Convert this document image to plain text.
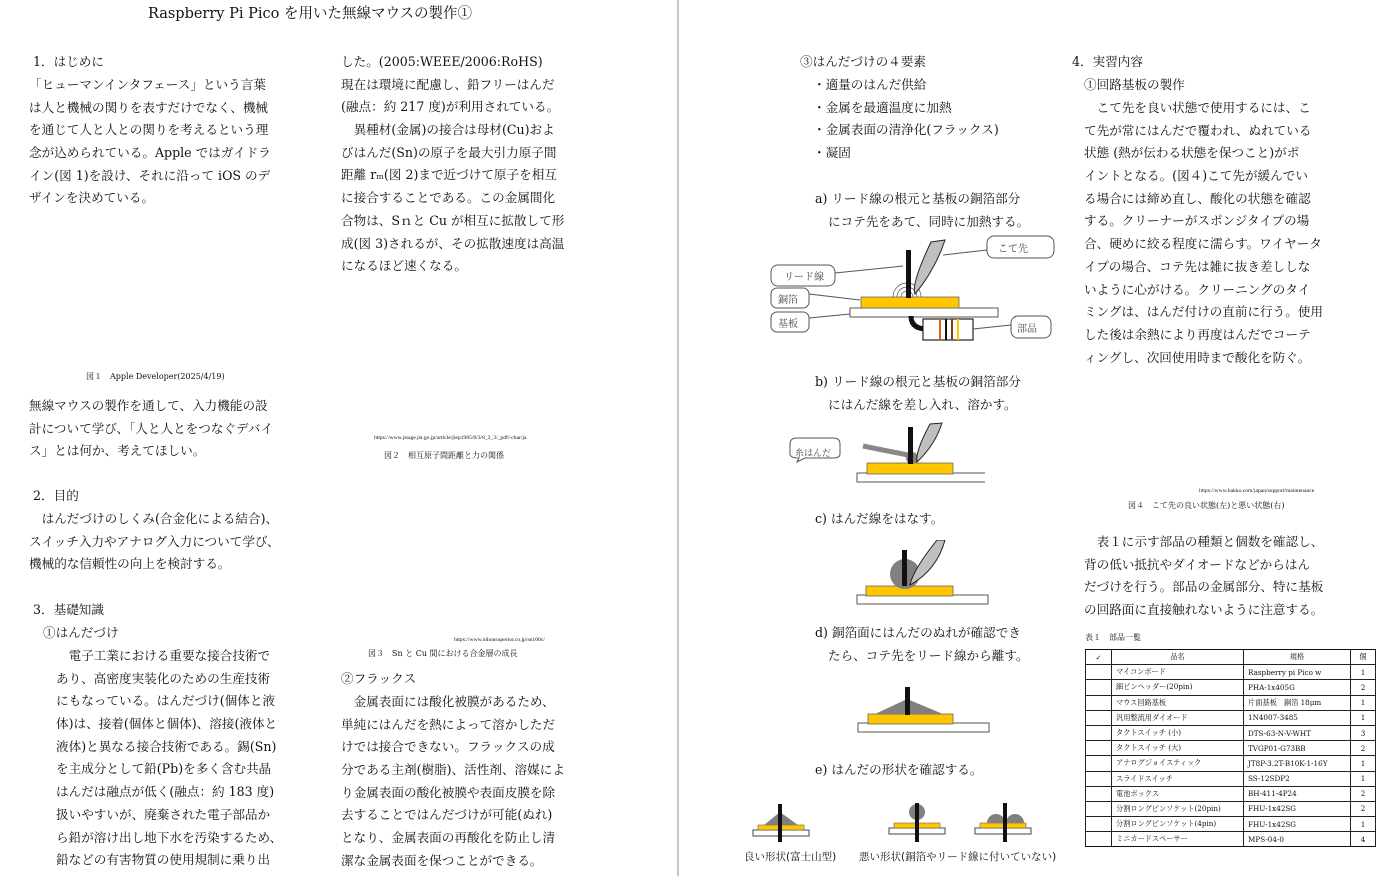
Raspberry Pi Pico を用いた無線マウスの製作①
1．はじめに
「ヒューマンインタフェース」という言葉
は人と機械の関りを表すだけでなく、機械
を通じて人と人との関りを考えるという理
念が込められている。Apple ではガイドラ
イン(図 1)を設け、それに沿って iOS のデ
ザインを決めている。
図１　Apple Developer(2025/4/19)
無線マウスの製作を通して、入力機能の設
計について学び、「人と人とをつなぐデバイ
ス」とは何か、考えてほしい。
2．目的
　はんだづけのしくみ(合金化による結合)、
スイッチ入力やアナログ入力について学び、
機械的な信頼性の向上を検討する。
3．基礎知識
①はんだづけ
　電子工業における重要な接合技術で
あり、高密度実装化のための生産技術
にもなっている。はんだづけ(個体と液
体)は、接着(個体と個体)、溶接(液体と
液体)と異なる接合技術である。錫(Sn)
を主成分として鉛(Pb)を多く含む共晶
はんだは融点が低く(融点：約 183 度)
扱いやすいが、廃棄された電子部品か
ら鉛が溶け出し地下水を汚染するため、
鉛などの有害物質の使用規制に乗り出
した。(2005:WEEE/2006:RoHS)
現在は環境に配慮し、鉛フリーはんだ
(融点：約 217 度)が利用されている。
　異種材(金属)の接合は母材(Cu)およ
びはんだ(Sn)の原子を最大引力原子間
距離 rₘ(図 2)まで近づけて原子を相互
に接合することである。この金属間化
合物は、Sｎと Cu が相互に拡散して形
成(図 3)されるが、その拡散速度は高温
になるほど速くなる。
https://www.jstage.jst.go.jp/article/jiep1985/8/3/8_3_3/_pdf/-char/ja
図２　相互原子間距離と力の関係
https://www.nihonsuperior.co.jp/sn100c/
図３　Sn と Cu 間における合金層の成長
②フラックス
　金属表面には酸化被膜があるため、
単純にはんだを熱によって溶かしただ
けでは接合できない。フラックスの成
分である主剤(樹脂)、活性剤、溶媒によ
り金属表面の酸化被膜や表面皮膜を除
去することではんだづけが可能(ぬれ)
となり、金属表面の再酸化を防止し清
潔な金属表面を保つことができる。
③はんだづけの４要素
・適量のはんだ供給
・金属を最適温度に加熱
・金属表面の清浄化(フラックス)
・凝固
a) リード線の根元と基板の銅箔部分
にコテ先をあて、同時に加熱する。
こて先
リード線
銅箔
基板	部品
b) リード線の根元と基板の銅箔部分
にはんだ線を差し入れ、溶かす。
糸はんだ
c) はんだ線をはなす。
d) 銅箔面にはんだのぬれが確認でき
たら、コテ先をリード線から離す。
e) はんだの形状を確認する。
良い形状(富士山型) 悪い形状(銅箔やリード線に付いていない)
4．実習内容
①回路基板の製作
　こて先を良い状態で使用するには、こ
て先が常にはんだで覆われ、ぬれている
状態 (熱が伝わる状態を保つこと)がポ
イントとなる。(図４)こて先が緩んでい
る場合には締め直し、酸化の状態を確認
する。クリーナーがスポンジタイプの場
合、硬めに絞る程度に濡らす。ワイヤータ
イプの場合、コテ先は雑に抜き差ししな
いように心がける。クリーニングのタイ
ミングは、はんだ付けの直前に行う。使用
した後は余熱により再度はんだでコーテ
ィングし、次回使用時まで酸化を防ぐ。
https://www.hakko.com/japan/support/maintenance
図４　こて先の良い状態(左)と悪い状態(右)
　表１に示す部品の種類と個数を確認し、
背の低い抵抗やダイオードなどからはん
だづけを行う。部品の金属部分、特に基板
の回路面に直接触れないように注意する。
表１　部品一覧
✓	品名	規格	個
	マイコンボード	Raspberry pi Pico w	1
	細ピンヘッダー(20pin)	PHA-1x405G	2
	マウス回路基板	片面基板　銅箔 18μm	1
	汎用整流用ダイオード	1N4007-3485	1
	タクトスイッチ (小)	DTS-63-N-V-WHT	3
	タクトスイッチ (大)	TVGP01-G73BB	2
	アナログジョイスティック	JT8P-3.2T-B10K-1-16Y	1
	スライドスイッチ	SS-12SDP2	1
	電池ボックス	BH-411-4P24	2
	分割ロングピンソケット(20pin)	FHU-1x42SG	2
	分割ロングピンソケット(4pin)	FHU-1x42SG	1
	ミニカードスペーサー	MPS-04-0	4
